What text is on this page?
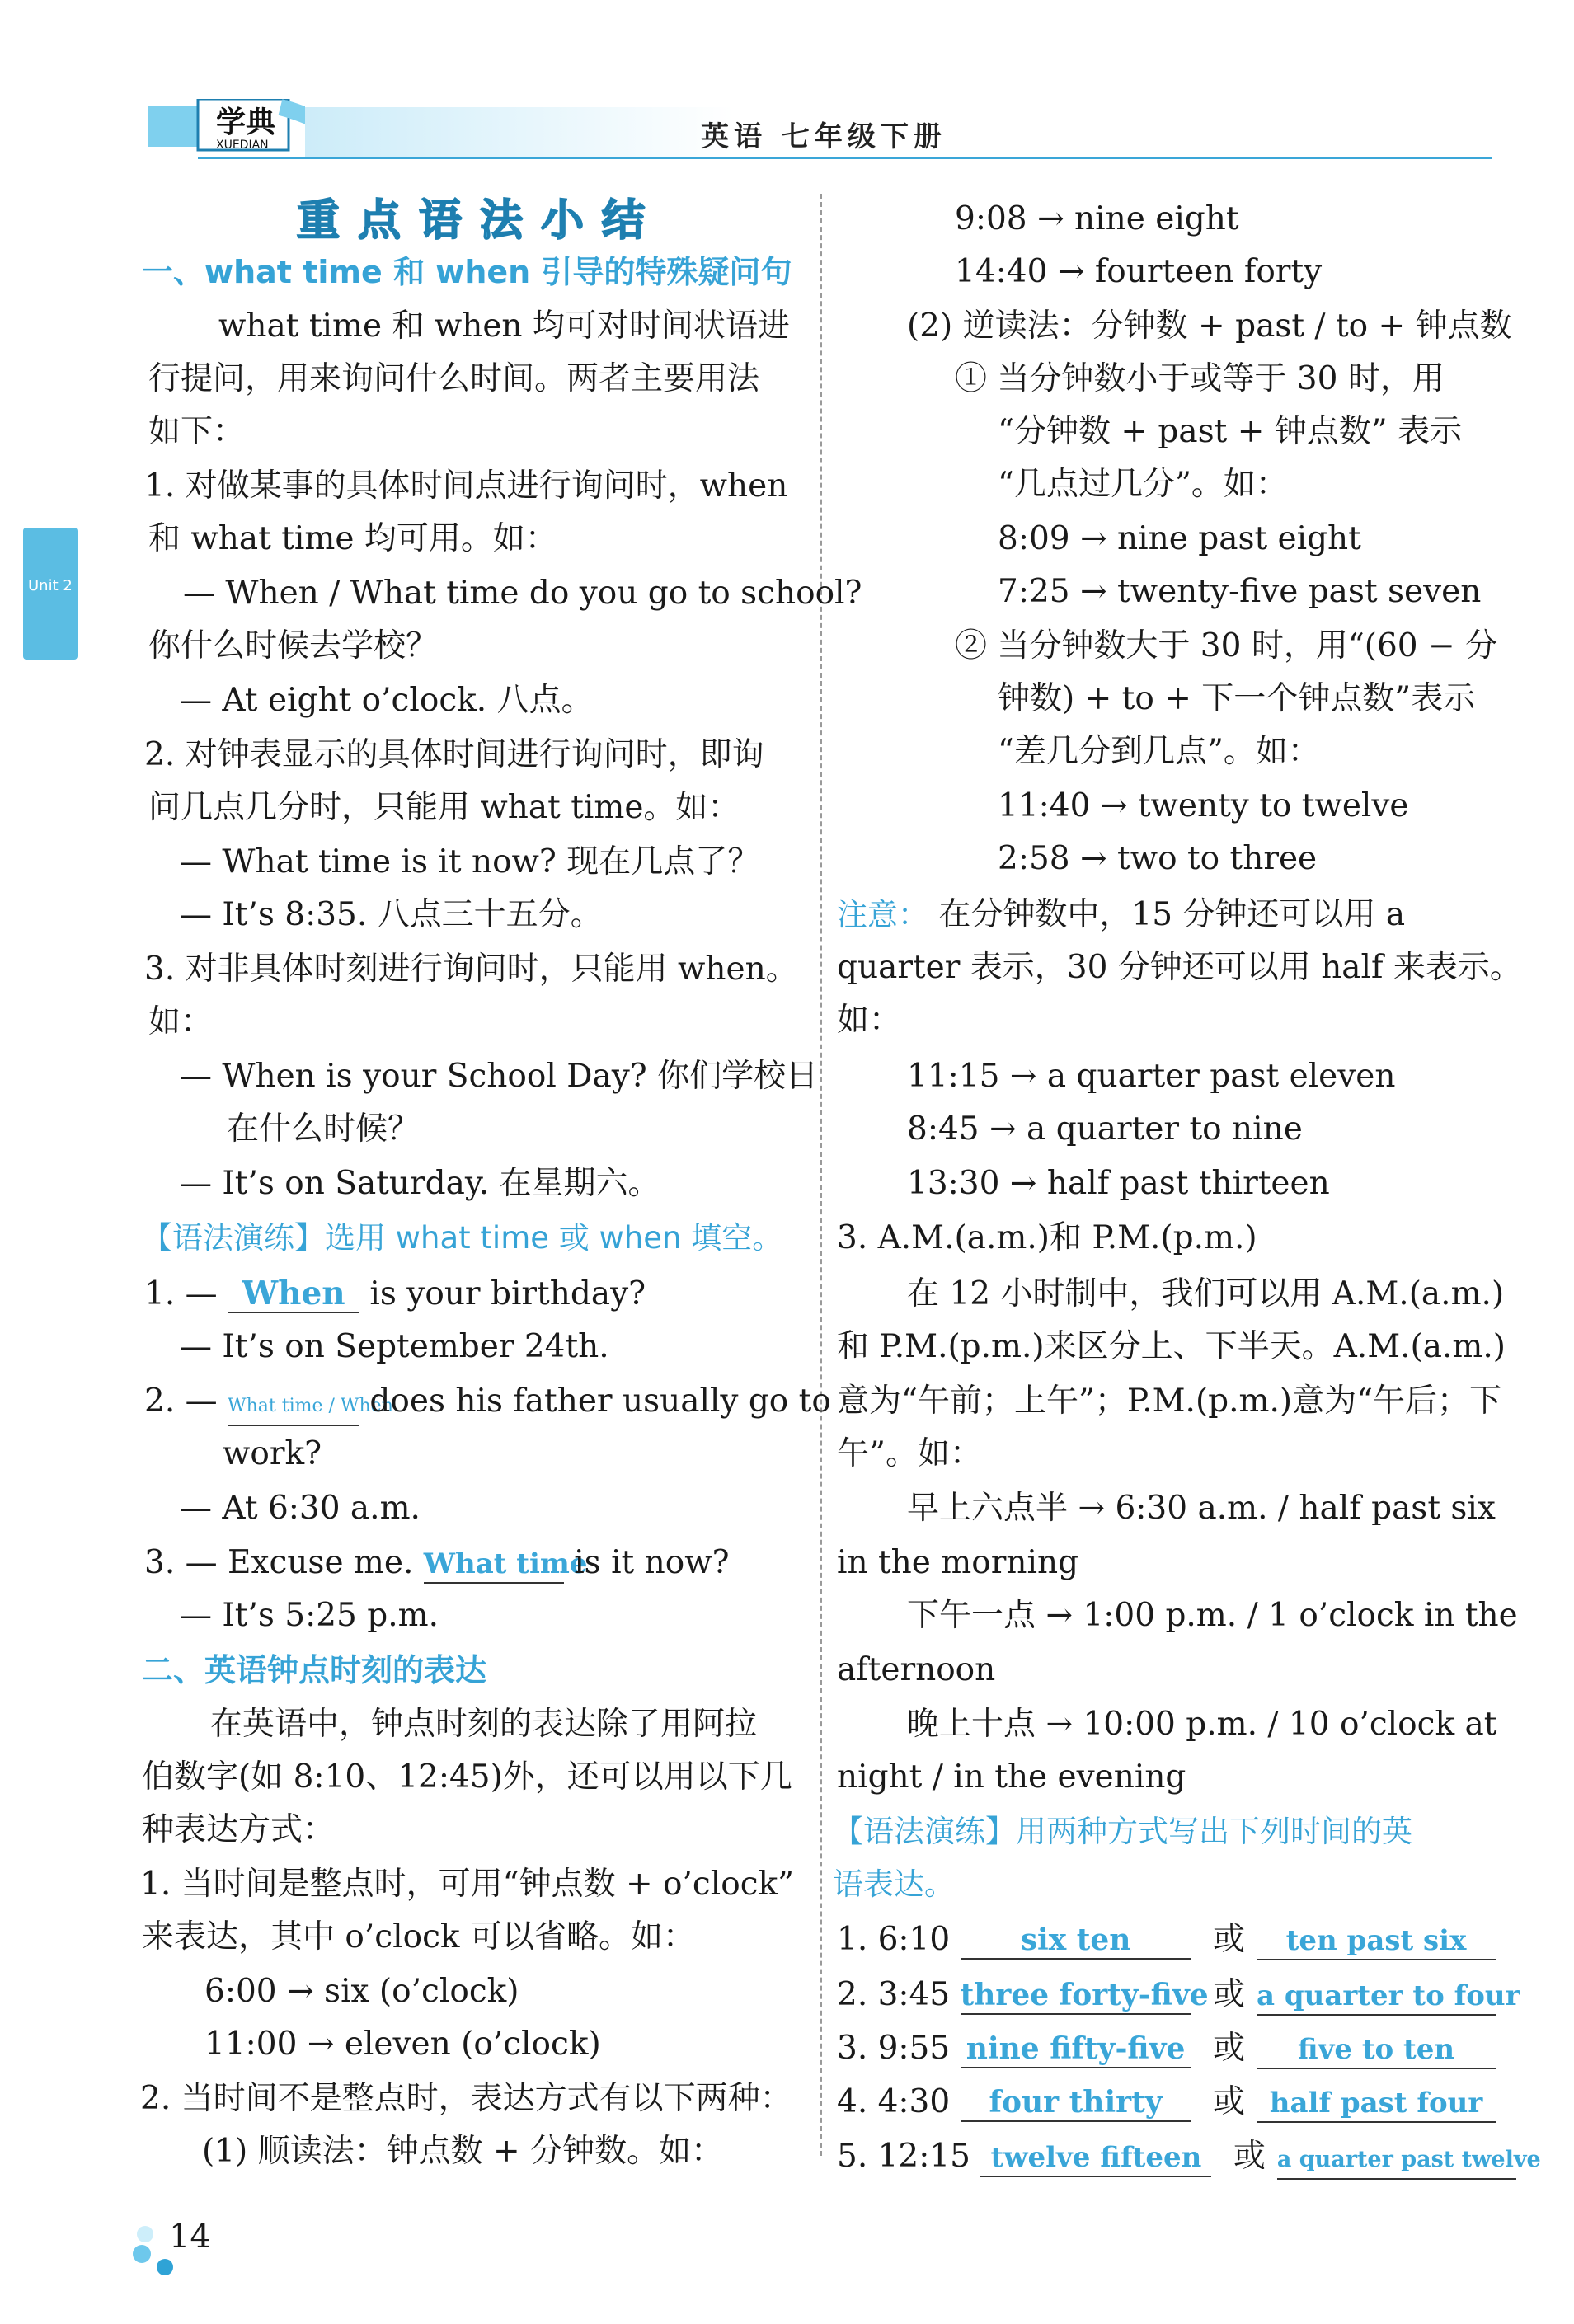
学典
XUEDIAN	英语 七年级下册
Unit 2
重点语法小结
一、what time 和 when 引导的特殊疑问句
what time 和 when 均可对时间状语进
行提问，用来询问什么时间。两者主要用法
如下：
1. 对做某事的具体时间点进行询问时，when
和 what time 均可用。如：
— When / What time do you go to school?
你什么时候去学校？
— At eight o’clock. 八点。
2. 对钟表显示的具体时间进行询问时，即询
问几点几分时，只能用 what time。如：
— What time is it now? 现在几点了？
— It’s 8:35. 八点三十五分。
3. 对非具体时刻进行询问时，只能用 when。
如：
— When is your School Day? 你们学校日
在什么时候？
— It’s on Saturday. 在星期六。
【语法演练】选用 what time 或 when 填空。
1. — When is your birthday?
— It’s on September 24th.
2. — What time / When does his father usually go to
work?
— At 6:30 a.m.
3. — Excuse me. What time is it now?
— It’s 5:25 p.m.
二、英语钟点时刻的表达
在英语中，钟点时刻的表达除了用阿拉
伯数字(如 8:10、12:45)外，还可以用以下几
种表达方式：
1. 当时间是整点时，可用“钟点数 + o’clock”
来表达，其中 o’clock 可以省略。如：
6:00 → six (o’clock)
11:00 → eleven (o’clock)
2. 当时间不是整点时，表达方式有以下两种：
(1) 顺读法：钟点数 + 分钟数。如：
9:08 → nine eight
14:40 → fourteen forty
(2) 逆读法：分钟数 + past / to + 钟点数
① 当分钟数小于或等于 30 时，用
“分钟数 + past + 钟点数” 表示
“几点过几分”。如：
8:09 → nine past eight
7:25 → twenty-five past seven
② 当分钟数大于 30 时，用“(60 − 分
钟数) + to + 下一个钟点数”表示
“差几分到几点”。如：
11:40 → twenty to twelve
2:58 → two to three
注意： 在分钟数中，15 分钟还可以用 a
quarter 表示，30 分钟还可以用 half 来表示。
如：
11:15 → a quarter past eleven
8:45 → a quarter to nine
13:30 → half past thirteen
3. A.M.(a.m.)和 P.M.(p.m.)
在 12 小时制中，我们可以用 A.M.(a.m.)
和 P.M.(p.m.)来区分上、下半天。A.M.(a.m.)
意为“午前；上午”；P.M.(p.m.)意为“午后；下
午”。如：
早上六点半 → 6:30 a.m. / half past six
in the morning
下午一点 → 1:00 p.m. / 1 o’clock in the
afternoon
晚上十点 → 10:00 p.m. / 10 o’clock at
night / in the evening
【语法演练】用两种方式写出下列时间的英
语表达。
1. 6:10 six ten	或 ten past six
2. 3:45 three forty-five 或 a quarter to four
3. 9:55 nine fifty-five 或 five to ten
4. 4:30 four thirty 或 half past four
5. 12:15 twelve fifteen 或 a quarter past twelve
14
